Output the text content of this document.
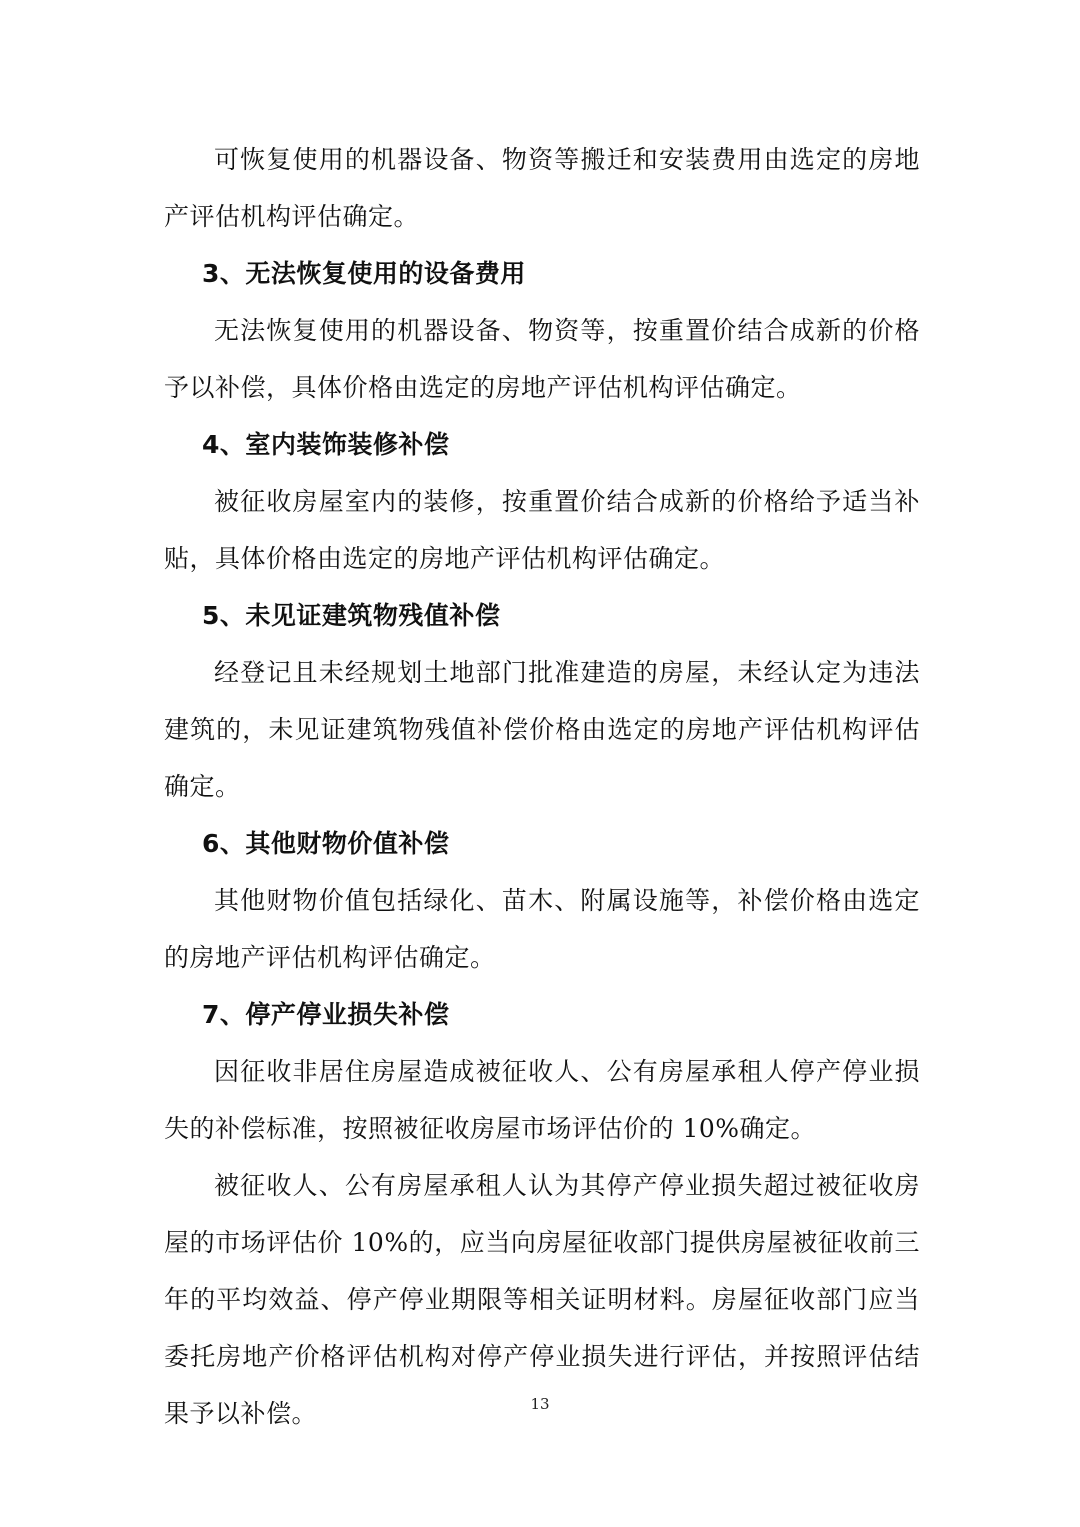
可恢复使用的机器设备、物资等搬迁和安装费用由选定的房地产评估机构评估确定。

3、无法恢复使用的设备费用

无法恢复使用的机器设备、物资等，按重置价结合成新的价格予以补偿，具体价格由选定的房地产评估机构评估确定。

4、室内装饰装修补偿

被征收房屋室内的装修，按重置价结合成新的价格给予适当补贴，具体价格由选定的房地产评估机构评估确定。

5、未见证建筑物残值补偿

经登记且未经规划土地部门批准建造的房屋，未经认定为违法建筑的，未见证建筑物残值补偿价格由选定的房地产评估机构评估确定。

6、其他财物价值补偿

其他财物价值包括绿化、苗木、附属设施等，补偿价格由选定的房地产评估机构评估确定。

7、停产停业损失补偿

因征收非居住房屋造成被征收人、公有房屋承租人停产停业损失的补偿标准，按照被征收房屋市场评估价的 10%确定。

被征收人、公有房屋承租人认为其停产停业损失超过被征收房屋的市场评估价 10%的，应当向房屋征收部门提供房屋被征收前三年的平均效益、停产停业期限等相关证明材料。房屋征收部门应当委托房地产价格评估机构对停产停业损失进行评估，并按照评估结果予以补偿。	13
